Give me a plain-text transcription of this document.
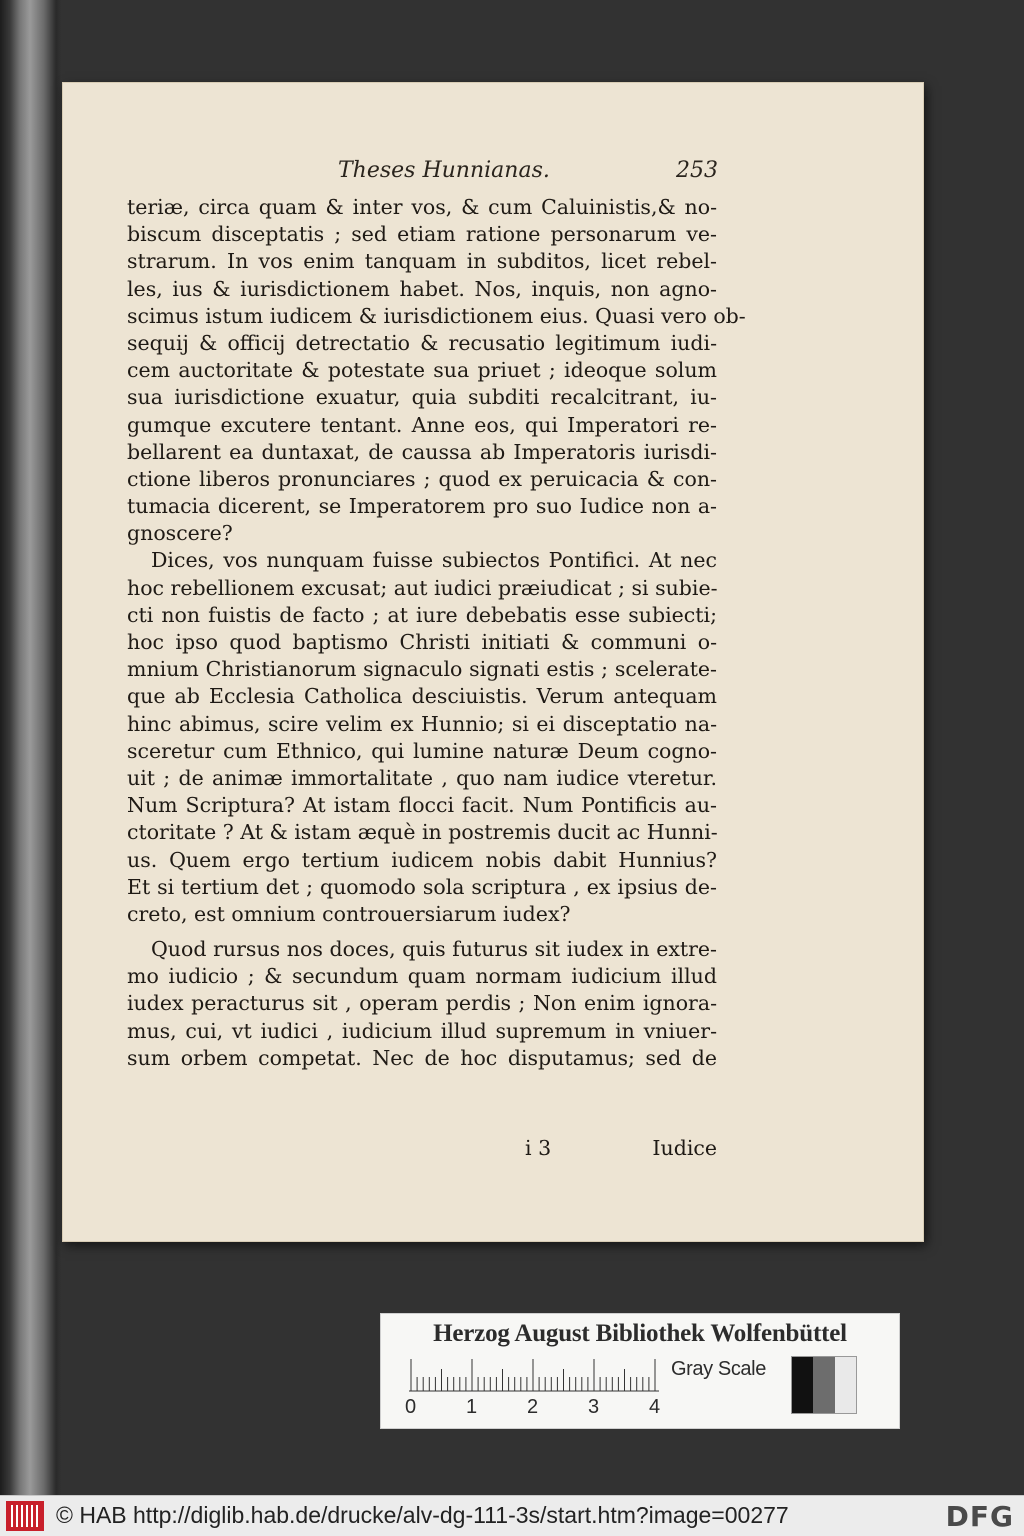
Theses Hunnianas.	253
teriæ, circa quam & inter vos, & cum Caluinistis,& no-
biscum disceptatis ; sed etiam ratione personarum ve-
strarum. In vos enim tanquam in subditos, licet rebel-
les, ius & iurisdictionem habet. Nos, inquis, non agno-
scimus istum iudicem & iurisdictionem eius. Quasi vero ob-
sequij & officij detrectatio & recusatio legitimum iudi-
cem auctoritate & potestate sua priuet ; ideoque solum
sua iurisdictione exuatur, quia subditi recalcitrant, iu-
gumque excutere tentant. Anne eos, qui Imperatori re-
bellarent ea duntaxat, de caussa ab Imperatoris iurisdi-
ctione liberos pronunciares ; quod ex peruicacia & con-
tumacia dicerent, se Imperatorem pro suo Iudice non a-
gnoscere?
Dices, vos nunquam fuisse subiectos Pontifici. At nec
hoc rebellionem excusat; aut iudici præiudicat ; si subie-
cti non fuistis de facto ; at iure debebatis esse subiecti;
hoc ipso quod baptismo Christi initiati & communi o-
mnium Christianorum signaculo signati estis ; scelerate-
que ab Ecclesia Catholica desciuistis. Verum antequam
hinc abimus, scire velim ex Hunnio; si ei disceptatio na-
sceretur cum Ethnico, qui lumine naturæ Deum cogno-
uit ; de animæ immortalitate , quo nam iudice vteretur.
Num Scriptura? At istam flocci facit. Num Pontificis au-
ctoritate ? At & istam æquè in postremis ducit ac Hunni-
us. Quem ergo tertium iudicem nobis dabit Hunnius?
Et si tertium det ; quomodo sola scriptura , ex ipsius de-
creto, est omnium controuersiarum iudex?
Quod rursus nos doces, quis futurus sit iudex in extre-
mo iudicio ; & secundum quam normam iudicium illud
iudex peracturus sit , operam perdis ; Non enim ignora-
mus, cui, vt iudici , iudicium illud supremum in vniuer-
sum orbem competat. Nec de hoc disputamus; sed de
i 3	Iudice
Herzog August Bibliothek Wolfenbüttel
0 1 2 3 4
Gray Scale
© HAB http://diglib.hab.de/drucke/alv-dg-111-3s/start.htm?image=00277	DFG
